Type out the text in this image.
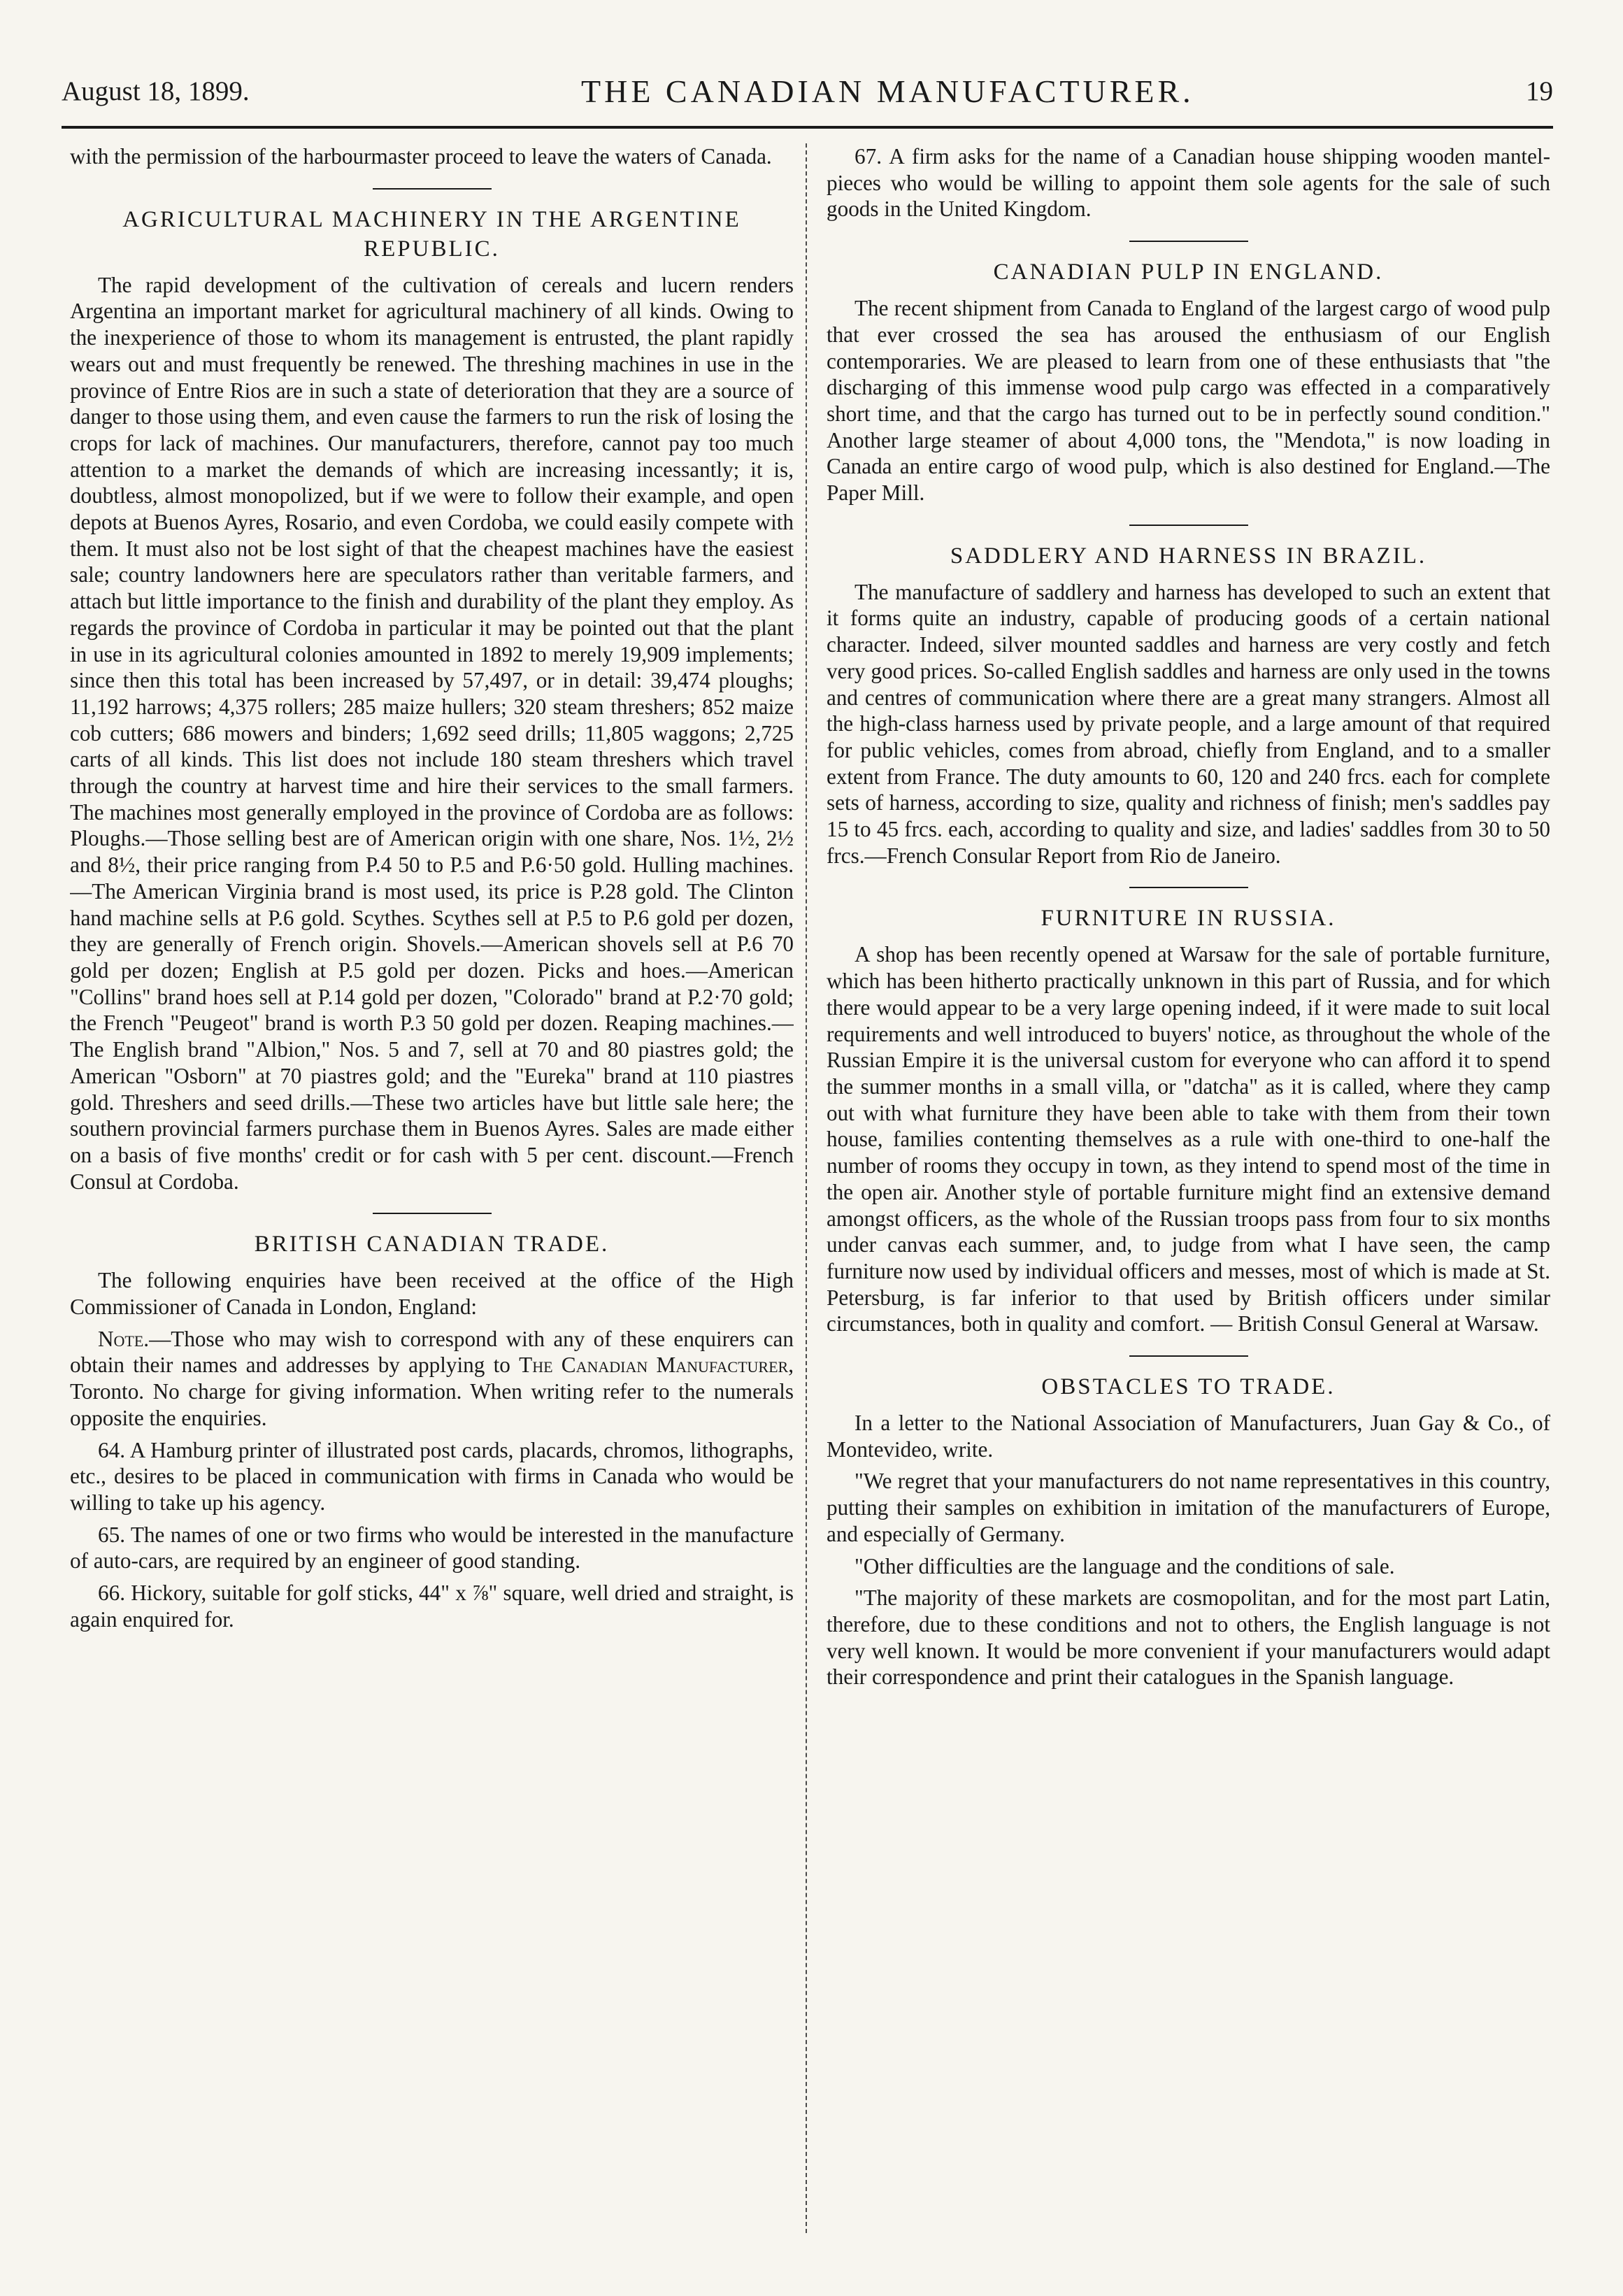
August 18, 1899.	THE CANADIAN MANUFACTURER.	19

with the permission of the harbourmaster proceed to leave the waters of Canada.

AGRICULTURAL MACHINERY IN THE ARGENTINE REPUBLIC.

The rapid development of the cultivation of cereals and lucern renders Argentina an important market for agricultural machinery of all kinds. Owing to the inexperience of those to whom its management is entrusted, the plant rapidly wears out and must frequently be renewed. The threshing machines in use in the province of Entre Rios are in such a state of deterioration that they are a source of danger to those using them, and even cause the farmers to run the risk of losing the crops for lack of machines. Our manufacturers, therefore, cannot pay too much attention to a market the demands of which are increasing incessantly; it is, doubtless, almost monopolized, but if we were to follow their example, and open depots at Buenos Ayres, Rosario, and even Cordoba, we could easily compete with them. It must also not be lost sight of that the cheapest machines have the easiest sale; country landowners here are speculators rather than veritable farmers, and attach but little importance to the finish and durability of the plant they employ. As regards the province of Cordoba in particular it may be pointed out that the plant in use in its agricultural colonies amounted in 1892 to merely 19,909 implements; since then this total has been increased by 57,497, or in detail: 39,474 ploughs; 11,192 harrows; 4,375 rollers; 285 maize hullers; 320 steam threshers; 852 maize cob cutters; 686 mowers and binders; 1,692 seed drills; 11,805 waggons; 2,725 carts of all kinds. This list does not include 180 steam threshers which travel through the country at harvest time and hire their services to the small farmers. The machines most generally employed in the province of Cordoba are as follows: Ploughs.—Those selling best are of American origin with one share, Nos. 1½, 2½ and 8½, their price ranging from P.4 50 to P.5 and P.6·50 gold. Hulling machines.—The American Virginia brand is most used, its price is P.28 gold. The Clinton hand machine sells at P.6 gold. Scythes. Scythes sell at P.5 to P.6 gold per dozen, they are generally of French origin. Shovels.—American shovels sell at P.6 70 gold per dozen; English at P.5 gold per dozen. Picks and hoes.—American "Collins" brand hoes sell at P.14 gold per dozen, "Colorado" brand at P.2·70 gold; the French "Peugeot" brand is worth P.3 50 gold per dozen. Reaping machines.—The English brand "Albion," Nos. 5 and 7, sell at 70 and 80 piastres gold; the American "Osborn" at 70 piastres gold; and the "Eureka" brand at 110 piastres gold. Threshers and seed drills.—These two articles have but little sale here; the southern provincial farmers purchase them in Buenos Ayres. Sales are made either on a basis of five months' credit or for cash with 5 per cent. discount.—French Consul at Cordoba.

BRITISH CANADIAN TRADE.

The following enquiries have been received at the office of the High Commissioner of Canada in London, England:

Note.—Those who may wish to correspond with any of these enquirers can obtain their names and addresses by applying to The Canadian Manufacturer, Toronto. No charge for giving information. When writing refer to the numerals opposite the enquiries.

64. A Hamburg printer of illustrated post cards, placards, chromos, lithographs, etc., desires to be placed in communication with firms in Canada who would be willing to take up his agency.

65. The names of one or two firms who would be interested in the manufacture of auto-cars, are required by an engineer of good standing.

66. Hickory, suitable for golf sticks, 44" x ⅞" square, well dried and straight, is again enquired for.

67. A firm asks for the name of a Canadian house shipping wooden mantel-pieces who would be willing to appoint them sole agents for the sale of such goods in the United Kingdom.

CANADIAN PULP IN ENGLAND.

The recent shipment from Canada to England of the largest cargo of wood pulp that ever crossed the sea has aroused the enthusiasm of our English contemporaries. We are pleased to learn from one of these enthusiasts that "the discharging of this immense wood pulp cargo was effected in a comparatively short time, and that the cargo has turned out to be in perfectly sound condition." Another large steamer of about 4,000 tons, the "Mendota," is now loading in Canada an entire cargo of wood pulp, which is also destined for England.—The Paper Mill.

SADDLERY AND HARNESS IN BRAZIL.

The manufacture of saddlery and harness has developed to such an extent that it forms quite an industry, capable of producing goods of a certain national character. Indeed, silver mounted saddles and harness are very costly and fetch very good prices. So-called English saddles and harness are only used in the towns and centres of communication where there are a great many strangers. Almost all the high-class harness used by private people, and a large amount of that required for public vehicles, comes from abroad, chiefly from England, and to a smaller extent from France. The duty amounts to 60, 120 and 240 frcs. each for complete sets of harness, according to size, quality and richness of finish; men's saddles pay 15 to 45 frcs. each, according to quality and size, and ladies' saddles from 30 to 50 frcs.—French Consular Report from Rio de Janeiro.

FURNITURE IN RUSSIA.

A shop has been recently opened at Warsaw for the sale of portable furniture, which has been hitherto practically unknown in this part of Russia, and for which there would appear to be a very large opening indeed, if it were made to suit local requirements and well introduced to buyers' notice, as throughout the whole of the Russian Empire it is the universal custom for everyone who can afford it to spend the summer months in a small villa, or "datcha" as it is called, where they camp out with what furniture they have been able to take with them from their town house, families contenting themselves as a rule with one-third to one-half the number of rooms they occupy in town, as they intend to spend most of the time in the open air. Another style of portable furniture might find an extensive demand amongst officers, as the whole of the Russian troops pass from four to six months under canvas each summer, and, to judge from what I have seen, the camp furniture now used by individual officers and messes, most of which is made at St. Petersburg, is far inferior to that used by British officers under similar circumstances, both in quality and comfort. — British Consul General at Warsaw.

OBSTACLES TO TRADE.

In a letter to the National Association of Manufacturers, Juan Gay & Co., of Montevideo, write.

"We regret that your manufacturers do not name representatives in this country, putting their samples on exhibition in imitation of the manufacturers of Europe, and especially of Germany.

"Other difficulties are the language and the conditions of sale.

"The majority of these markets are cosmopolitan, and for the most part Latin, therefore, due to these conditions and not to others, the English language is not very well known. It would be more convenient if your manufacturers would adapt their correspondence and print their catalogues in the Spanish language.
